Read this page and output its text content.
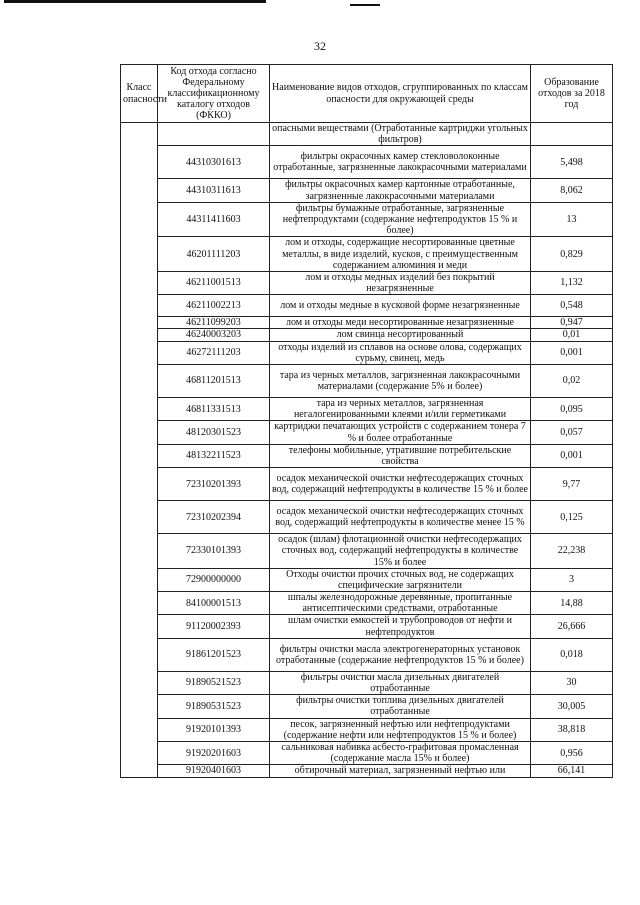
32
Класс опасности	Код отхода согласно Федеральному классификационному каталогу отходов (ФККО)	Наименование видов отходов, сгруппированных по классам опасности для окружающей среды	Образование отходов за 2018 год
		опасными веществами (Отработанные картриджи угольных фильтров)	
	44310301613	фильтры окрасочных камер стекловолоконные отработанные, загрязненные лакокрасочными материалами	5,498
	44310311613	фильтры окрасочных камер картонные отработанные, загрязненные лакокрасочными материалами	8,062
	44311411603	фильтры бумажные отработанные, загрязненные нефтепродуктами (содержание нефтепродуктов 15 % и более)	13
	46201111203	лом и отходы, содержащие несортированные цветные металлы, в виде изделий, кусков, с преимущественным содержанием алюминия и меди	0,829
	46211001513	лом и отходы медных изделий без покрытий незагрязненные	1,132
	46211002213	лом и отходы медные в кусковой форме незагрязненные	0,548
	46211099203	лом и отходы меди несортированные незагрязненные	0,947
	46240003203	лом свинца несортированный	0,01
	46272111203	отходы изделий из сплавов на основе олова, содержащих сурьму, свинец, медь	0,001
	46811201513	тара из черных металлов, загрязненная лакокрасочными материалами (содержание 5% и более)	0,02
	46811331513	тара из черных металлов, загрязненная негалогенированными клеями и/или герметиками	0,095
	48120301523	картриджи печатающих устройств с содержанием тонера 7 % и более отработанные	0,057
	48132211523	телефоны мобильные, утратившие потребительские свойства	0,001
	72310201393	осадок механической очистки нефтесодержащих сточных вод, содержащий нефтепродукты в количестве 15 % и более	9,77
	72310202394	осадок механической очистки нефтесодержащих сточных вод, содержащий нефтепродукты в количестве менее 15 %	0,125
	72330101393	осадок (шлам) флотационной очистки нефтесодержащих сточных вод, содержащий нефтепродукты в количестве 15% и более	22,238
	72900000000	Отходы очистки прочих сточных вод, не содержащих специфические загрязнители	3
	84100001513	шпалы железнодорожные деревянные, пропитанные антисептическими средствами, отработанные	14,88
	91120002393	шлам очистки емкостей и трубопроводов от нефти и нефтепродуктов	26,666
	91861201523	фильтры очистки масла электрогенераторных установок отработанные (содержание нефтепродуктов 15 % и более)	0,018
	91890521523	фильтры очистки масла дизельных двигателей отработанные	30
	91890531523	фильтры очистки топлива дизельных двигателей отработанные	30,005
	91920101393	песок, загрязненный нефтью или нефтепродуктами (содержание нефти или нефтепродуктов 15 % и более)	38,818
	91920201603	сальниковая набивка асбесто-графитовая промасленная (содержание масла 15% и более)	0,956
	91920401603	обтирочный материал, загрязненный нефтью или	66,141
